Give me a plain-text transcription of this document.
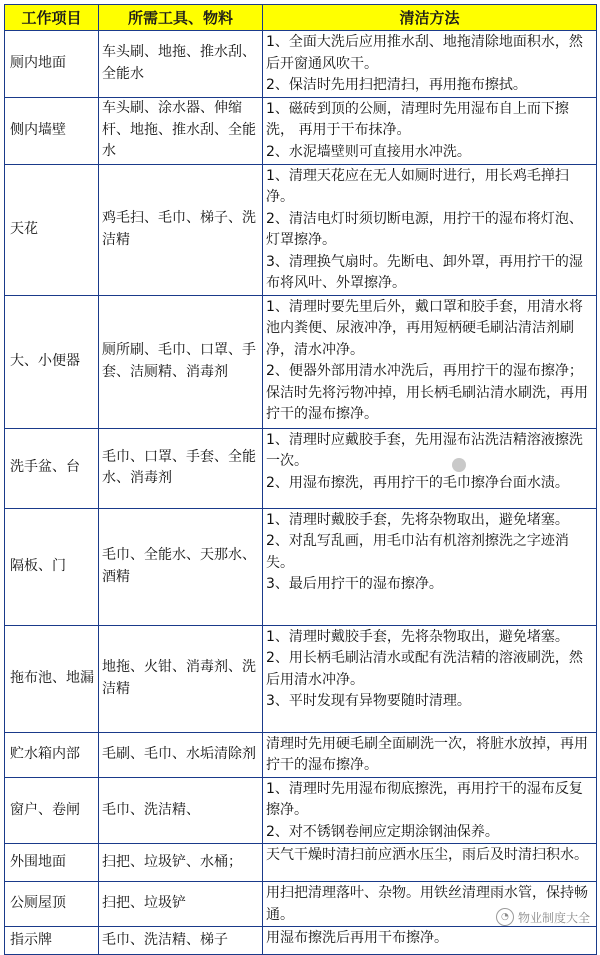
工作项目	所需工具、物料	清洁方法
厕内地面	车头刷、地拖、推水刮、全能水	1、全面大洗后应用推水刮、地拖清除地面积水，然后开窗通风吹干。
2、保洁时先用扫把清扫，再用拖布擦拭。

侧内墙壁	车头刷、涂水器、伸缩杆、地拖、推水刮、全能水	1、磁砖到顶的公厕，清理时先用湿布自上而下擦洗， 再用于干布抹净。
2、水泥墙壁则可直接用水冲洗。

天花	鸡毛扫、毛巾、梯子、洗洁精	1、清理天花应在无人如厕时进行，用长鸡毛掸扫净。
2、清洁电灯时须切断电源，用拧干的湿布将灯泡、灯罩擦净。
3、清理换气扇时。先断电、卸外罩，再用拧干的湿布将风叶、外罩擦净。

大、小便器	厕所刷、毛巾、口罩、手套、洁厕精、消毒剂	1、清理时要先里后外，戴口罩和胶手套，用清水将池内粪便、尿液冲净，再用短柄硬毛刷沾清洁剂刷净，清水冲净。
2、便器外部用清水冲洗后，再用拧干的湿布擦净；保洁时先将污物冲掉，用长柄毛刷沾清水刷洗，再用拧干的湿布擦净。

洗手盆、台	毛巾、口罩、手套、全能水、消毒剂	1、清理时应戴胶手套，先用湿布沾洗洁精溶液擦洗一次。
2、用湿布擦洗，再用拧干的毛巾擦净台面水渍。

隔板、门	毛巾、全能水、天那水、酒精	1、清理时戴胶手套，先将杂物取出，避免堵塞。
2、对乱写乱画，用毛巾沾有机溶剂擦洗之字迹消失。
3、最后用拧干的湿布擦净。

拖布池、地漏	地拖、火钳、消毒剂、洗洁精	1、清理时戴胶手套，先将杂物取出，避免堵塞。
2、用长柄毛刷沾清水或配有洗洁精的溶液刷洗，然后用清水冲净。
3、平时发现有异物要随时清理。

贮水箱内部	毛刷、毛巾、水垢清除剂	清理时先用硬毛刷全面刷洗一次，将脏水放掉，再用拧干的湿布擦净。

窗户、卷闸	毛巾、洗洁精、	1、清理时先用湿布彻底擦洗，再用拧干的湿布反复擦净。
2、对不锈钢卷闸应定期涂钢油保养。

外围地面	扫把、垃圾铲、水桶；	天气干燥时清扫前应洒水压尘，雨后及时清扫积水。

公厕屋顶	扫把、垃圾铲	用扫把清理落叶、杂物。用铁丝清理雨水管，保持畅通。

指示牌	毛巾、洗洁精、梯子	用湿布擦洗后再用干布擦净。
◔ 物业制度大全
